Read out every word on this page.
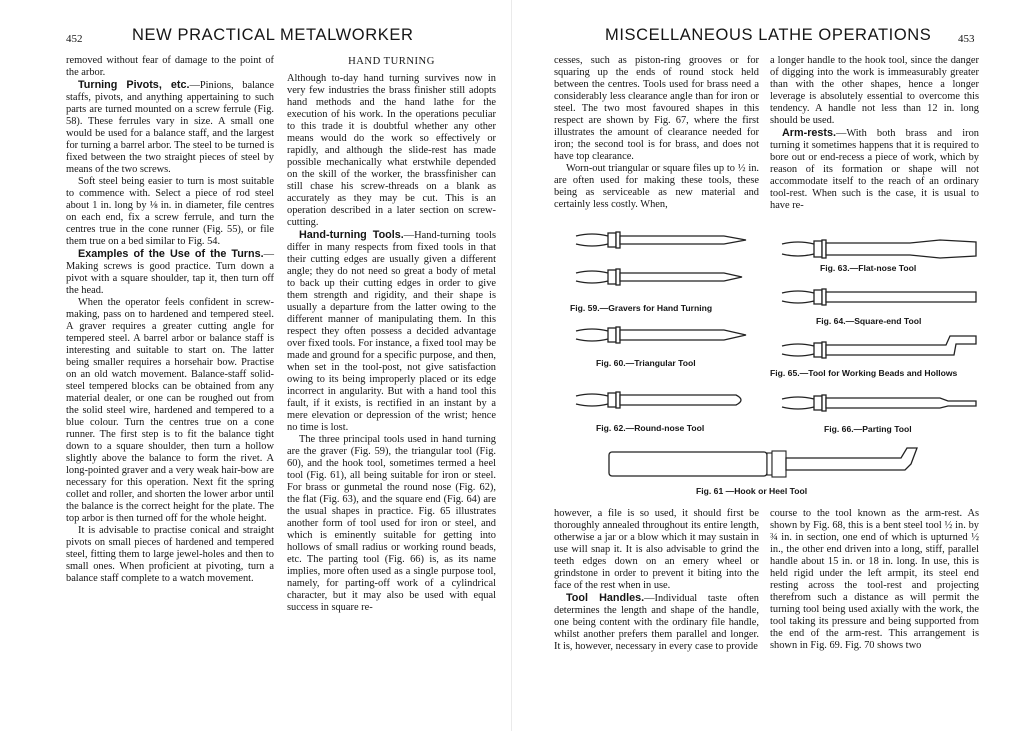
452	NEW PRACTICAL METALWORKER

removed without fear of damage to the point of the arbor.

Turning Pivots, etc.—Pinions, balance staffs, pivots, and anything appertaining to such parts are turned mounted on a screw ferrule (Fig. 58). These ferrules vary in size. A small one would be used for a balance staff, and the largest for turning a barrel arbor. The steel to be turned is fixed between the two straight pieces of steel by means of the two screws.

Soft steel being easier to turn is most suitable to commence with. Select a piece of rod steel about 1 in. long by ⅛ in. in diameter, file centres on each end, fix a screw ferrule, and turn the centres true in the cone runner (Fig. 55), or file them true on a bed similar to Fig. 54.

Examples of the Use of the Turns.—Making screws is good practice. Turn down a pivot with a square shoulder, tap it, then turn off the head.

When the operator feels confident in screw-making, pass on to hardened and tempered steel. A graver requires a greater cutting angle for tempered steel. A barrel arbor or balance staff is interesting and suitable to start on. The latter being smaller requires a horsehair bow. Practise on an old watch movement. Balance-staff solid-steel tempered blocks can be obtained from any material dealer, or one can be roughed out from the solid steel wire, hardened and tempered to a blue colour. Turn the centres true on a cone runner. The first step is to fit the balance tight down to a square shoulder, then turn a hollow slightly above the balance to form the rivet. A long-pointed graver and a very weak hair-bow are necessary for this operation. Next fit the spring collet and roller, and shorten the lower arbor until the balance is the correct height for the plate. The top arbor is then turned off for the whole height.

It is advisable to practise conical and straight pivots on small pieces of hardened and tempered steel, fitting them to large jewel-holes and then to small ones. When proficient at pivoting, turn a balance staff complete to a watch movement.

HAND TURNING

Although to-day hand turning survives now in very few industries the brass finisher still adopts hand methods and the hand lathe for the execution of his work. In the operations peculiar to this trade it is doubtful whether any other means would do the work so effectively or rapidly, and although the slide-rest has made possible mechanically what erstwhile depended on the skill of the worker, the brassfinisher can still chase his screw-threads on a blank as accurately as they may be cut. This is an operation described in a later section on screw-cutting.

Hand-turning Tools.—Hand-turning tools differ in many respects from fixed tools in that their cutting edges are usually given a different angle; they do not need so great a body of metal to back up their cutting edges in order to give them strength and rigidity, and their shape is usually a departure from the latter owing to the different manner of manipulating them. In this respect they often possess a decided advantage over fixed tools. For instance, a fixed tool may be made and ground for a specific purpose, and then, when set in the tool-post, not give satisfaction owing to its being improperly placed or its edge incorrect in angularity. But with a hand tool this fault, if it exists, is rectified in an instant by a mere elevation or depression of the wrist; hence no time is lost.

The three principal tools used in hand turning are the graver (Fig. 59), the triangular tool (Fig. 60), and the hook tool, sometimes termed a heel tool (Fig. 61), all being suitable for iron or steel. For brass or gunmetal the round nose (Fig. 62), the flat (Fig. 63), and the square end (Fig. 64) are the usual shapes in practice. Fig. 65 illustrates another form of tool used for iron or steel, and which is eminently suitable for getting into hollows of small radius or working round beads, etc. The parting tool (Fig. 66) is, as its name implies, more often used as a single purpose tool, namely, for parting-off work of a cylindrical character, but it may also be used with equal success in square re-

MISCELLANEOUS LATHE OPERATIONS 453

cesses, such as piston-ring grooves or for squaring up the ends of round stock held between the centres. Tools used for brass need a considerably less clearance angle than for iron or steel. The two most favoured shapes in this respect are shown by Fig. 67, where the first illustrates the amount of clearance needed for iron; the second tool is for brass, and does not have top clearance.

Worn-out triangular or square files up to ½ in. are often used for making these tools, these being as serviceable as new material and certainly less costly. When,

a longer handle to the hook tool, since the danger of digging into the work is immeasurably greater than with the other shapes, hence a longer leverage is absolutely essential to overcome this tendency. A handle not less than 12 in. long should be used.

Arm-rests.—With both brass and iron turning it sometimes happens that it is required to bore out or end-recess a piece of work, which by reason of its formation or shape will not accommodate itself to the reach of an ordinary tool-rest. When such is the case, it is usual to have re-

Fig. 59.—Gravers for Hand Turning
Fig. 60.—Triangular Tool
Fig. 62.—Round-nose Tool
Fig. 63.—Flat-nose Tool
Fig. 64.—Square-end Tool
Fig. 65.—Tool for Working Beads and Hollows
Fig. 66.—Parting Tool
Fig. 61 —Hook or Heel Tool

however, a file is so used, it should first be thoroughly annealed throughout its entire length, otherwise a jar or a blow which it may sustain in use will snap it. It is also advisable to grind the teeth edges down on an emery wheel or grindstone in order to prevent it biting into the face of the rest when in use.

Tool Handles.—Individual taste often determines the length and shape of the handle, one being content with the ordinary file handle, whilst another prefers them parallel and longer. It is, however, necessary in every case to provide

course to the tool known as the arm-rest. As shown by Fig. 68, this is a bent steel tool ½ in. by ¾ in. in section, one end of which is upturned ½ in., the other end driven into a long, stiff, parallel handle about 15 in. or 18 in. long. In use, this is held rigid under the left armpit, its steel end resting across the tool-rest and projecting therefrom such a distance as will permit the turning tool being used axially with the work, the tool taking its pressure and being supported from the end of the arm-rest. This arrangement is shown in Fig. 69. Fig. 70 shows two
